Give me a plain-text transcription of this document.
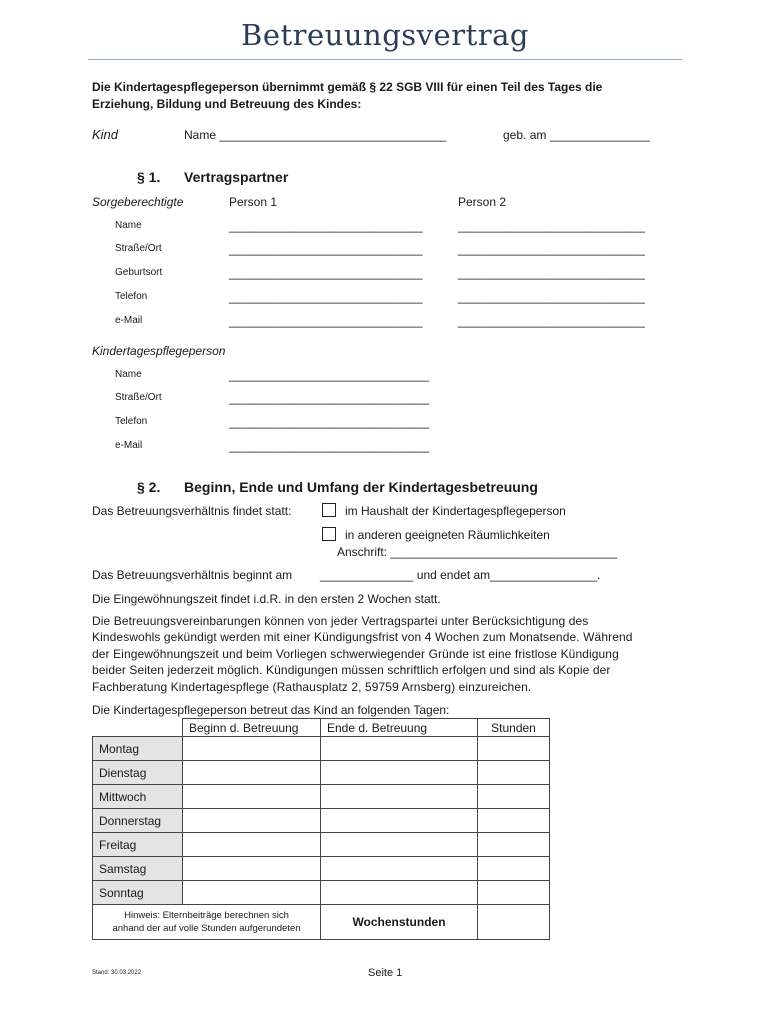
Betreuungsvertrag
Die Kindertagespflegeperson übernimmt gemäß § 22 SGB VIII für einen Teil des Tages die Erziehung, Bildung und Betreuung des Kindes:
Kind	Name __________________________________	geb. am _______________
§ 1. Vertragspartner
Sorgeberechtigte	Person 1	Person 2
Name	_____________________________	____________________________
Straße/Ort	_____________________________	____________________________
Geburtsort	_____________________________	____________________________
Telefon	_____________________________	____________________________
e-Mail	_____________________________	____________________________
Kindertagespflegeperson
Name	______________________________
Straße/Ort	______________________________
Telefon	______________________________
e-Mail	______________________________
§ 2. Beginn, Ende und Umfang der Kindertagesbetreuung
Das Betreuungsverhältnis findet statt:	im Haushalt der Kindertagespflegeperson
in anderen geeigneten Räumlichkeiten
Anschrift: __________________________________
Das Betreuungsverhältnis beginnt am ______________ und endet am________________.
Die Eingewöhnungszeit findet i.d.R. in den ersten 2 Wochen statt.
Die Betreuungsvereinbarungen können von jeder Vertragspartei unter Berücksichtigung des Kindeswohls gekündigt werden mit einer Kündigungsfrist von 4 Wochen zum Monatsende. Während der Eingewöhnungszeit und beim Vorliegen schwerwiegender Gründe ist eine fristlose Kündigung beider Seiten jederzeit möglich. Kündigungen müssen schriftlich erfolgen und sind als Kopie der Fachberatung Kindertagespflege (Rathausplatz 2, 59759 Arnsberg) einzureichen.
Die Kindertagespflegeperson betreut das Kind an folgenden Tagen:
	Beginn d. Betreuung	Ende d. Betreuung	Stunden
Montag			
Dienstag			
Mittwoch			
Donnerstag			
Freitag			
Samstag			
Sonntag			

Hinweis: Elternbeiträge berechnen sich
anhand der auf volle Stunden aufgerundeten		Wochenstunden	
Stand: 30.03.2022	Seite 1
